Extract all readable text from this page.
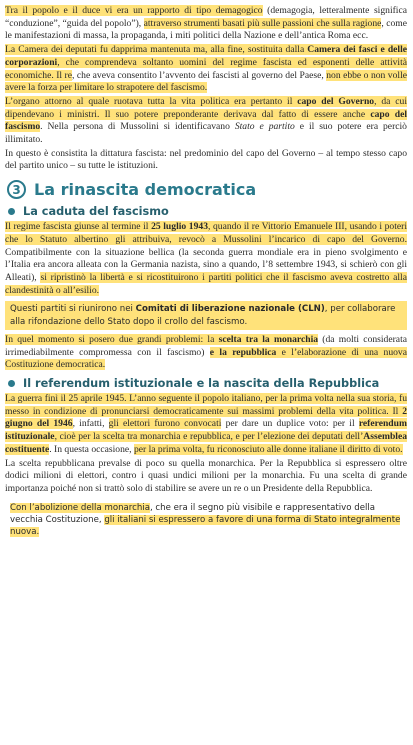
Tra il popolo e il duce vi era un rapporto di tipo demagogico (demagogia, letteralmente significa “conduzione”, “guida del popolo”), attraverso strumenti basati più sulle passioni che sulla ragione, come le manifestazioni di massa, la propaganda, i miti politici della Nazione e dell’antica Roma ecc.

La Camera dei deputati fu dapprima mantenuta ma, alla fine, sostituita dalla Camera dei fasci e delle corporazioni, che comprendeva soltanto uomini del regime fascista ed esponenti delle attività economiche. Il re, che aveva consentito l’avvento dei fascisti al governo del Paese, non ebbe o non volle avere la forza per limitare lo strapotere del fascismo.

L’organo attorno al quale ruotava tutta la vita politica era pertanto il capo del Governo, da cui dipendevano i ministri. Il suo potere preponderante derivava dal fatto di essere anche capo del fascismo. Nella persona di Mussolini si identificavano Stato e partito e il suo potere era perciò illimitato.

In questo è consistita la dittatura fascista: nel predominio del capo del Governo – al tempo stesso capo del partito unico – su tutte le istituzioni.

3 La rinascita democratica
La caduta del fascismo

Il regime fascista giunse al termine il 25 luglio 1943, quando il re Vittorio Emanuele III, usando i poteri che lo Statuto albertino gli attribuiva, revocò a Mussolini l’incarico di capo del Governo. Compatibilmente con la situazione bellica (la seconda guerra mondiale era in pieno svolgimento e l’Italia era ancora alleata con la Germania nazista, sino a quando, l’8 settembre 1943, si schierò con gli Alleati), si ripristinò la libertà e si ricostituirono i partiti politici che il fascismo aveva costretto alla clandestinità o all’esilio.

Questi partiti si riunirono nei Comitati di liberazione nazionale (CLN), per collaborare alla rifondazione dello Stato dopo il crollo del fascismo.

In quel momento si posero due grandi problemi: la scelta tra la monarchia (da molti considerata irrimediabilmente compromessa con il fascismo) e la repubblica e l’elaborazione di una nuova Costituzione democratica.

Il referendum istituzionale e la nascita della Repubblica

La guerra finì il 25 aprile 1945. L’anno seguente il popolo italiano, per la prima volta nella sua storia, fu messo in condizione di pronunciarsi democraticamente sui massimi problemi della vita politica. Il 2 giugno del 1946, infatti, gli elettori furono convocati per dare un duplice voto: per il referendum istituzionale, cioè per la scelta tra monarchia e repubblica, e per l’elezione dei deputati dell’Assemblea costituente. In questa occasione, per la prima volta, fu riconosciuto alle donne italiane il diritto di voto.

La scelta repubblicana prevalse di poco su quella monarchica. Per la Repubblica si espressero oltre dodici milioni di elettori, contro i quasi undici milioni per la monarchia. Fu una scelta di grande importanza poiché non si trattò solo di stabilire se avere un re o un Presidente della Repubblica.

Con l’abolizione della monarchia, che era il segno più visibile e rappresentativo della vecchia Costituzione, gli italiani si espressero a favore di una forma di Stato integralmente nuova.
